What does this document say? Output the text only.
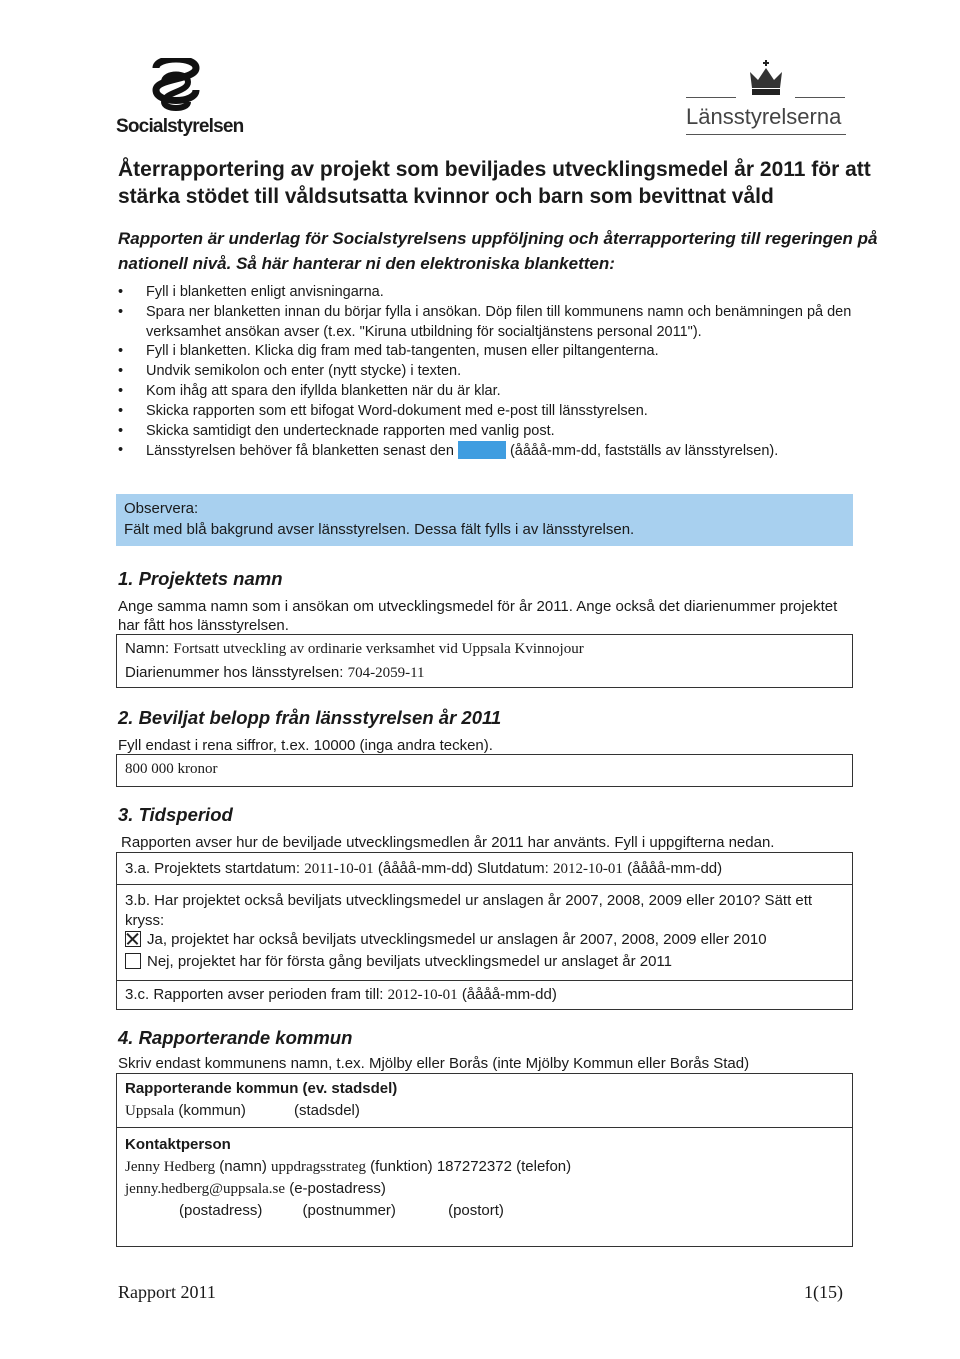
Socialstyrelsen	Länsstyrelserna
Återrapportering av projekt som beviljades utvecklingsmedel år 2011 för att stärka stödet till våldsutsatta kvinnor och barn som bevittnat våld

Rapporten är underlag för Socialstyrelsens uppföljning och återrapportering till regeringen på nationell nivå. Så här hanterar ni den elektroniska blanketten:

• Fyll i blanketten enligt anvisningarna.
• Spara ner blanketten innan du börjar fylla i ansökan. Döp filen till kommunens namn och benämningen på den verksamhet ansökan avser (t.ex. "Kiruna utbildning för socialtjänstens personal 2011").
• Fyll i blanketten. Klicka dig fram med tab-tangenten, musen eller piltangenterna.
• Undvik semikolon och enter (nytt stycke) i texten.
• Kom ihåg att spara den ifyllda blanketten när du är klar.
• Skicka rapporten som ett bifogat Word-dokument med e-post till länsstyrelsen.
• Skicka samtidigt den undertecknade rapporten med vanlig post.
• Länsstyrelsen behöver få blanketten senast den	(åååå-mm-dd, fastställs av länsstyrelsen).
Observera:
Fält med blå bakgrund avser länsstyrelsen. Dessa fält fylls i av länsstyrelsen.
1. Projektets namn
Ange samma namn som i ansökan om utvecklingsmedel för år 2011. Ange också det diarienummer projektet har fått hos länsstyrelsen.
Namn: Fortsatt utveckling av ordinarie verksamhet vid Uppsala Kvinnojour
Diarienummer hos länsstyrelsen: 704-2059-11
2. Beviljat belopp från länsstyrelsen år 2011
Fyll endast i rena siffror, t.ex. 10000 (inga andra tecken).
800 000 kronor
3. Tidsperiod
Rapporten avser hur de beviljade utvecklingsmedlen år 2011 har använts. Fyll i uppgifterna nedan.
3.a. Projektets startdatum: 2011-10-01 (åååå-mm-dd) Slutdatum: 2012-10-01 (åååå-mm-dd)
3.b. Har projektet också beviljats utvecklingsmedel ur anslagen år 2007, 2008, 2009 eller 2010? Sätt ett kryss:
Ja, projektet har också beviljats utvecklingsmedel ur anslagen år 2007, 2008, 2009 eller 2010
Nej, projektet har för första gång beviljats utvecklingsmedel ur anslaget år 2011
3.c. Rapporten avser perioden fram till: 2012-10-01 (åååå-mm-dd)
4. Rapporterande kommun
Skriv endast kommunens namn, t.ex. Mjölby eller Borås (inte Mjölby Kommun eller Borås Stad)
Rapporterande kommun (ev. stadsdel)
Uppsala (kommun)	(stadsdel)
Kontaktperson
Jenny Hedberg (namn) uppdragsstrateg (funktion) 187272372 (telefon)
jenny.hedberg@uppsala.se (e-postadress)
(postadress)	(postnummer)	(postort)
Rapport 2011	1(15)
